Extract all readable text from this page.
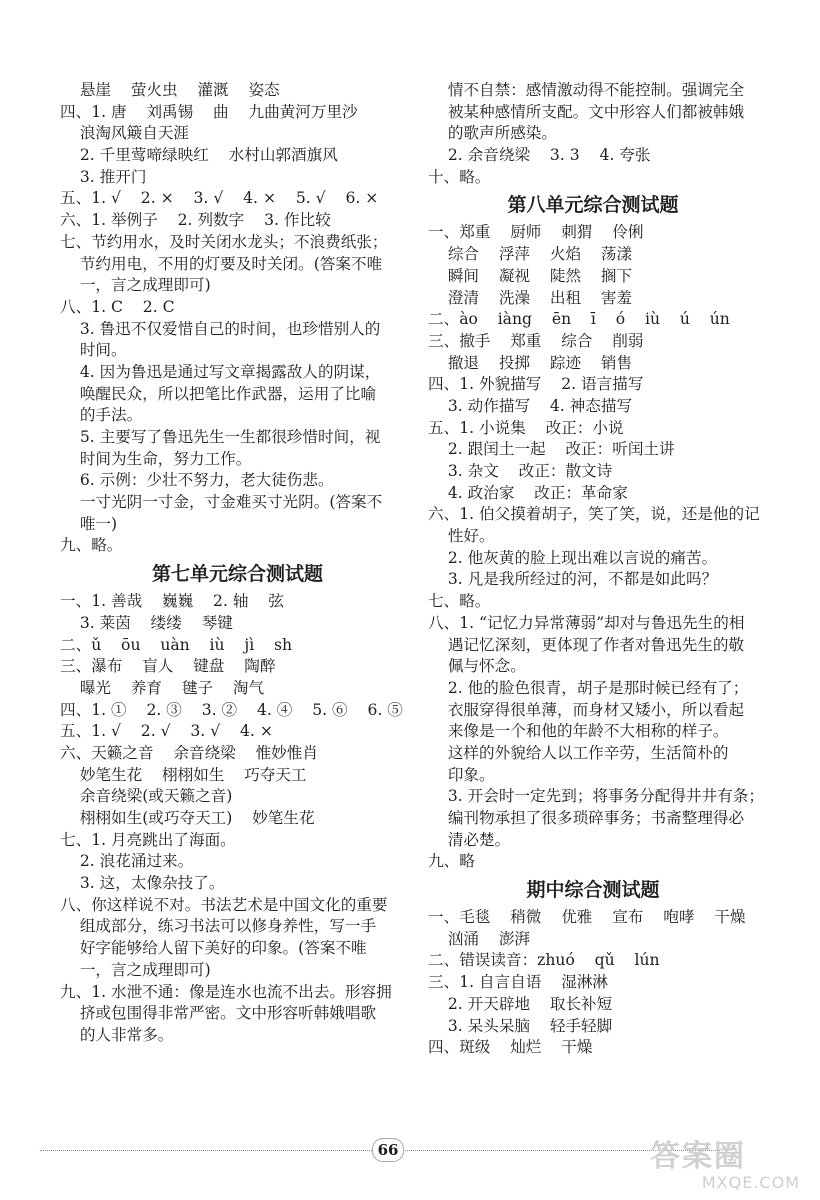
悬崖    萤火虫    灌溉    姿态
四、1. 唐    刘禹锡    曲    九曲黄河万里沙
浪淘风簸自天涯
2. 千里莺啼绿映红    水村山郭酒旗风
3. 推开门
五、1. √    2. ×    3. √    4. ×    5. √    6. ×
六、1. 举例子    2. 列数字    3. 作比较
七、节约用水，及时关闭水龙头；不浪费纸张；
节约用电，不用的灯要及时关闭。(答案不唯
一，言之成理即可)
八、1. C    2. C
3. 鲁迅不仅爱惜自己的时间，也珍惜别人的
时间。
4. 因为鲁迅是通过写文章揭露敌人的阴谋，
唤醒民众，所以把笔比作武器，运用了比喻
的手法。
5. 主要写了鲁迅先生一生都很珍惜时间，视
时间为生命，努力工作。
6. 示例：少壮不努力，老大徒伤悲。
一寸光阴一寸金，寸金难买寸光阴。(答案不
唯一)
九、略。
第七单元综合测试题
一、1. 善哉    巍巍    2. 轴    弦
3. 莱茵    缕缕    琴键
二、ǔ    ōu    uàn    iù    jì    sh
三、瀑布    盲人    键盘    陶醉
曝光    养育    毽子    淘气
四、1. ①    2. ③    3. ②    4. ④    5. ⑥    6. ⑤
五、1. √    2. √    3. √    4. ×
六、天籁之音    余音绕梁    惟妙惟肖
妙笔生花    栩栩如生    巧夺天工
余音绕梁(或天籁之音)
栩栩如生(或巧夺天工)    妙笔生花
七、1. 月亮跳出了海面。
2. 浪花涌过来。
3. 这，太像杂技了。
八、你这样说不对。书法艺术是中国文化的重要
组成部分，练习书法可以修身养性，写一手
好字能够给人留下美好的印象。(答案不唯
一，言之成理即可)
九、1. 水泄不通：像是连水也流不出去。形容拥
挤或包围得非常严密。文中形容听韩娥唱歌
的人非常多。
情不自禁：感情激动得不能控制。强调完全
被某种感情所支配。文中形容人们都被韩娥
的歌声所感染。
2. 余音绕梁    3. 3    4. 夸张
十、略。
第八单元综合测试题
一、郑重    厨师    刺猬    伶俐
综合    浮萍    火焰    荡漾
瞬间    凝视    陡然    搁下
澄清    洗澡    出租    害羞
二、ào    iàng    ēn    ī    ó    iù    ú    ún
三、撤手    郑重    综合    削弱
撤退    投掷    踪迹    销售
四、1. 外貌描写    2. 语言描写
3. 动作描写    4. 神态描写
五、1. 小说集    改正：小说
2. 跟闰土一起    改正：听闰土讲
3. 杂文    改正：散文诗
4. 政治家    改正：革命家
六、1. 伯父摸着胡子，笑了笑，说，还是他的记
性好。
2. 他灰黄的脸上现出难以言说的痛苦。
3. 凡是我所经过的河，不都是如此吗？
七、略。
八、1. “记忆力异常薄弱”却对与鲁迅先生的相
遇记忆深刻，更体现了作者对鲁迅先生的敬
佩与怀念。
2. 他的脸色很青，胡子是那时候已经有了；
衣服穿得很单薄，而身材又矮小，所以看起
来像是一个和他的年龄不大相称的样子。
这样的外貌给人以工作辛劳，生活简朴的
印象。
3. 开会时一定先到；将事务分配得井井有条；
编刊物承担了很多琐碎事务；书斋整理得必
清必楚。
九、略
期中综合测试题
一、毛毯    稍微    优雅    宣布    咆哮    干燥
汹涌    澎湃
二、错误读音：zhuó    qǔ    lún
三、1. 自言自语    湿淋淋
2. 开天辟地    取长补短
3. 呆头呆脑    轻手轻脚
四、斑级    灿烂    干燥
66	答案圈
MXQE.COM
